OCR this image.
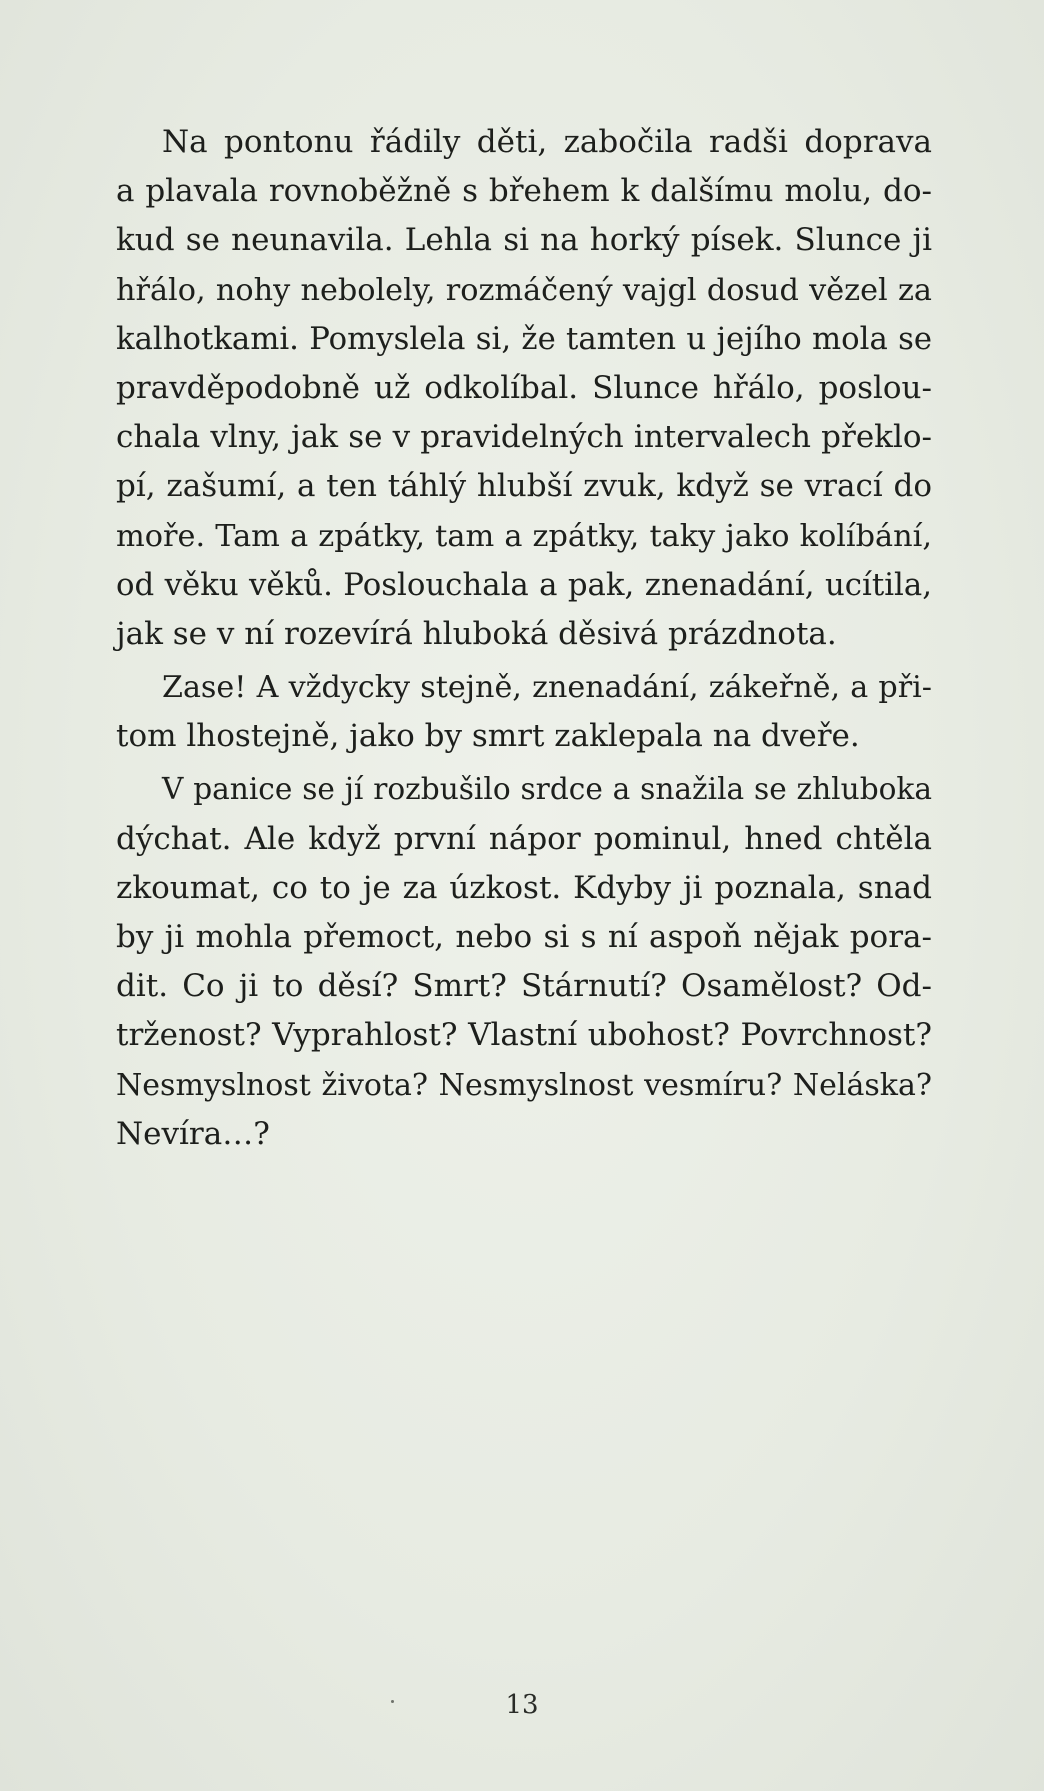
Na pontonu řádily děti, zabočila radši doprava
a plavala rovnoběžně s břehem k dalšímu molu, do-
kud se neunavila. Lehla si na horký písek. Slunce ji
hřálo, nohy nebolely, rozmáčený vajgl dosud vězel za
kalhotkami. Pomyslela si, že tamten u jejího mola se
pravděpodobně už odkolíbal. Slunce hřálo, poslou-
chala vlny, jak se v pravidelných intervalech překlo-
pí, zašumí, a ten táhlý hlubší zvuk, když se vrací do
moře. Tam a zpátky, tam a zpátky, taky jako kolíbání,
od věku věků. Poslouchala a pak, znenadání, ucítila,
jak se v ní rozevírá hluboká děsivá prázdnota.
Zase! A vždycky stejně, znenadání, zákeřně, a při-
tom lhostejně, jako by smrt zaklepala na dveře.
V panice se jí rozbušilo srdce a snažila se zhluboka
dýchat. Ale když první nápor pominul, hned chtěla
zkoumat, co to je za úzkost. Kdyby ji poznala, snad
by ji mohla přemoct, nebo si s ní aspoň nějak pora-
dit. Co ji to děsí? Smrt? Stárnutí? Osamělost? Od-
trženost? Vyprahlost? Vlastní ubohost? Povrchnost?
Nesmyslnost života? Nesmyslnost vesmíru? Neláska?
Nevíra…?
13
